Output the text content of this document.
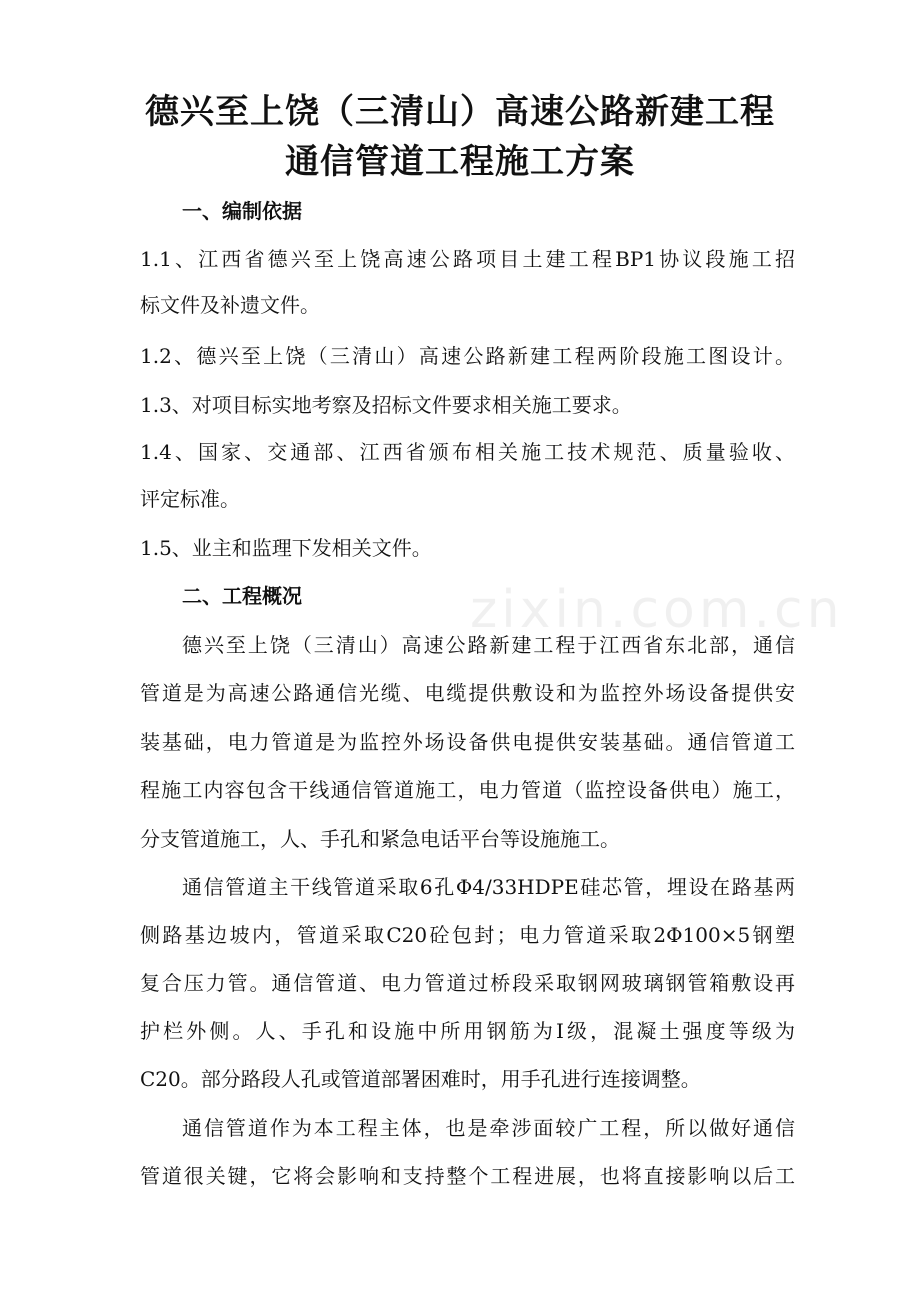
zixin.com.cn
德兴至上饶（三清山）高速公路新建工程
通信管道工程施工方案
一、编制依据
1.1、江西省德兴至上饶高速公路项目土建工程BP1协议段施工招
标文件及补遗文件。
1.2、德兴至上饶（三清山）高速公路新建工程两阶段施工图设计。
1.3、对项目标实地考察及招标文件要求相关施工要求。
1.4、国家、交通部、江西省颁布相关施工技术规范、质量验收、
评定标准。
1.5、业主和监理下发相关文件。
二、工程概况
德兴至上饶（三清山）高速公路新建工程于江西省东北部，通信
管道是为高速公路通信光缆、电缆提供敷设和为监控外场设备提供安
装基础，电力管道是为监控外场设备供电提供安装基础。通信管道工
程施工内容包含干线通信管道施工，电力管道（监控设备供电）施工，
分支管道施工，人、手孔和紧急电话平台等设施施工。
通信管道主干线管道采取6孔Φ4/33HDPE硅芯管，埋设在路基两
侧路基边坡内，管道采取C20砼包封；电力管道采取2Φ100×5钢塑
复合压力管。通信管道、电力管道过桥段采取钢网玻璃钢管箱敷设再
护栏外侧。人、手孔和设施中所用钢筋为Ⅰ级，混凝土强度等级为
C20。部分路段人孔或管道部署困难时，用手孔进行连接调整。
通信管道作为本工程主体，也是牵涉面较广工程，所以做好通信
管道很关键，它将会影响和支持整个工程进展，也将直接影响以后工
